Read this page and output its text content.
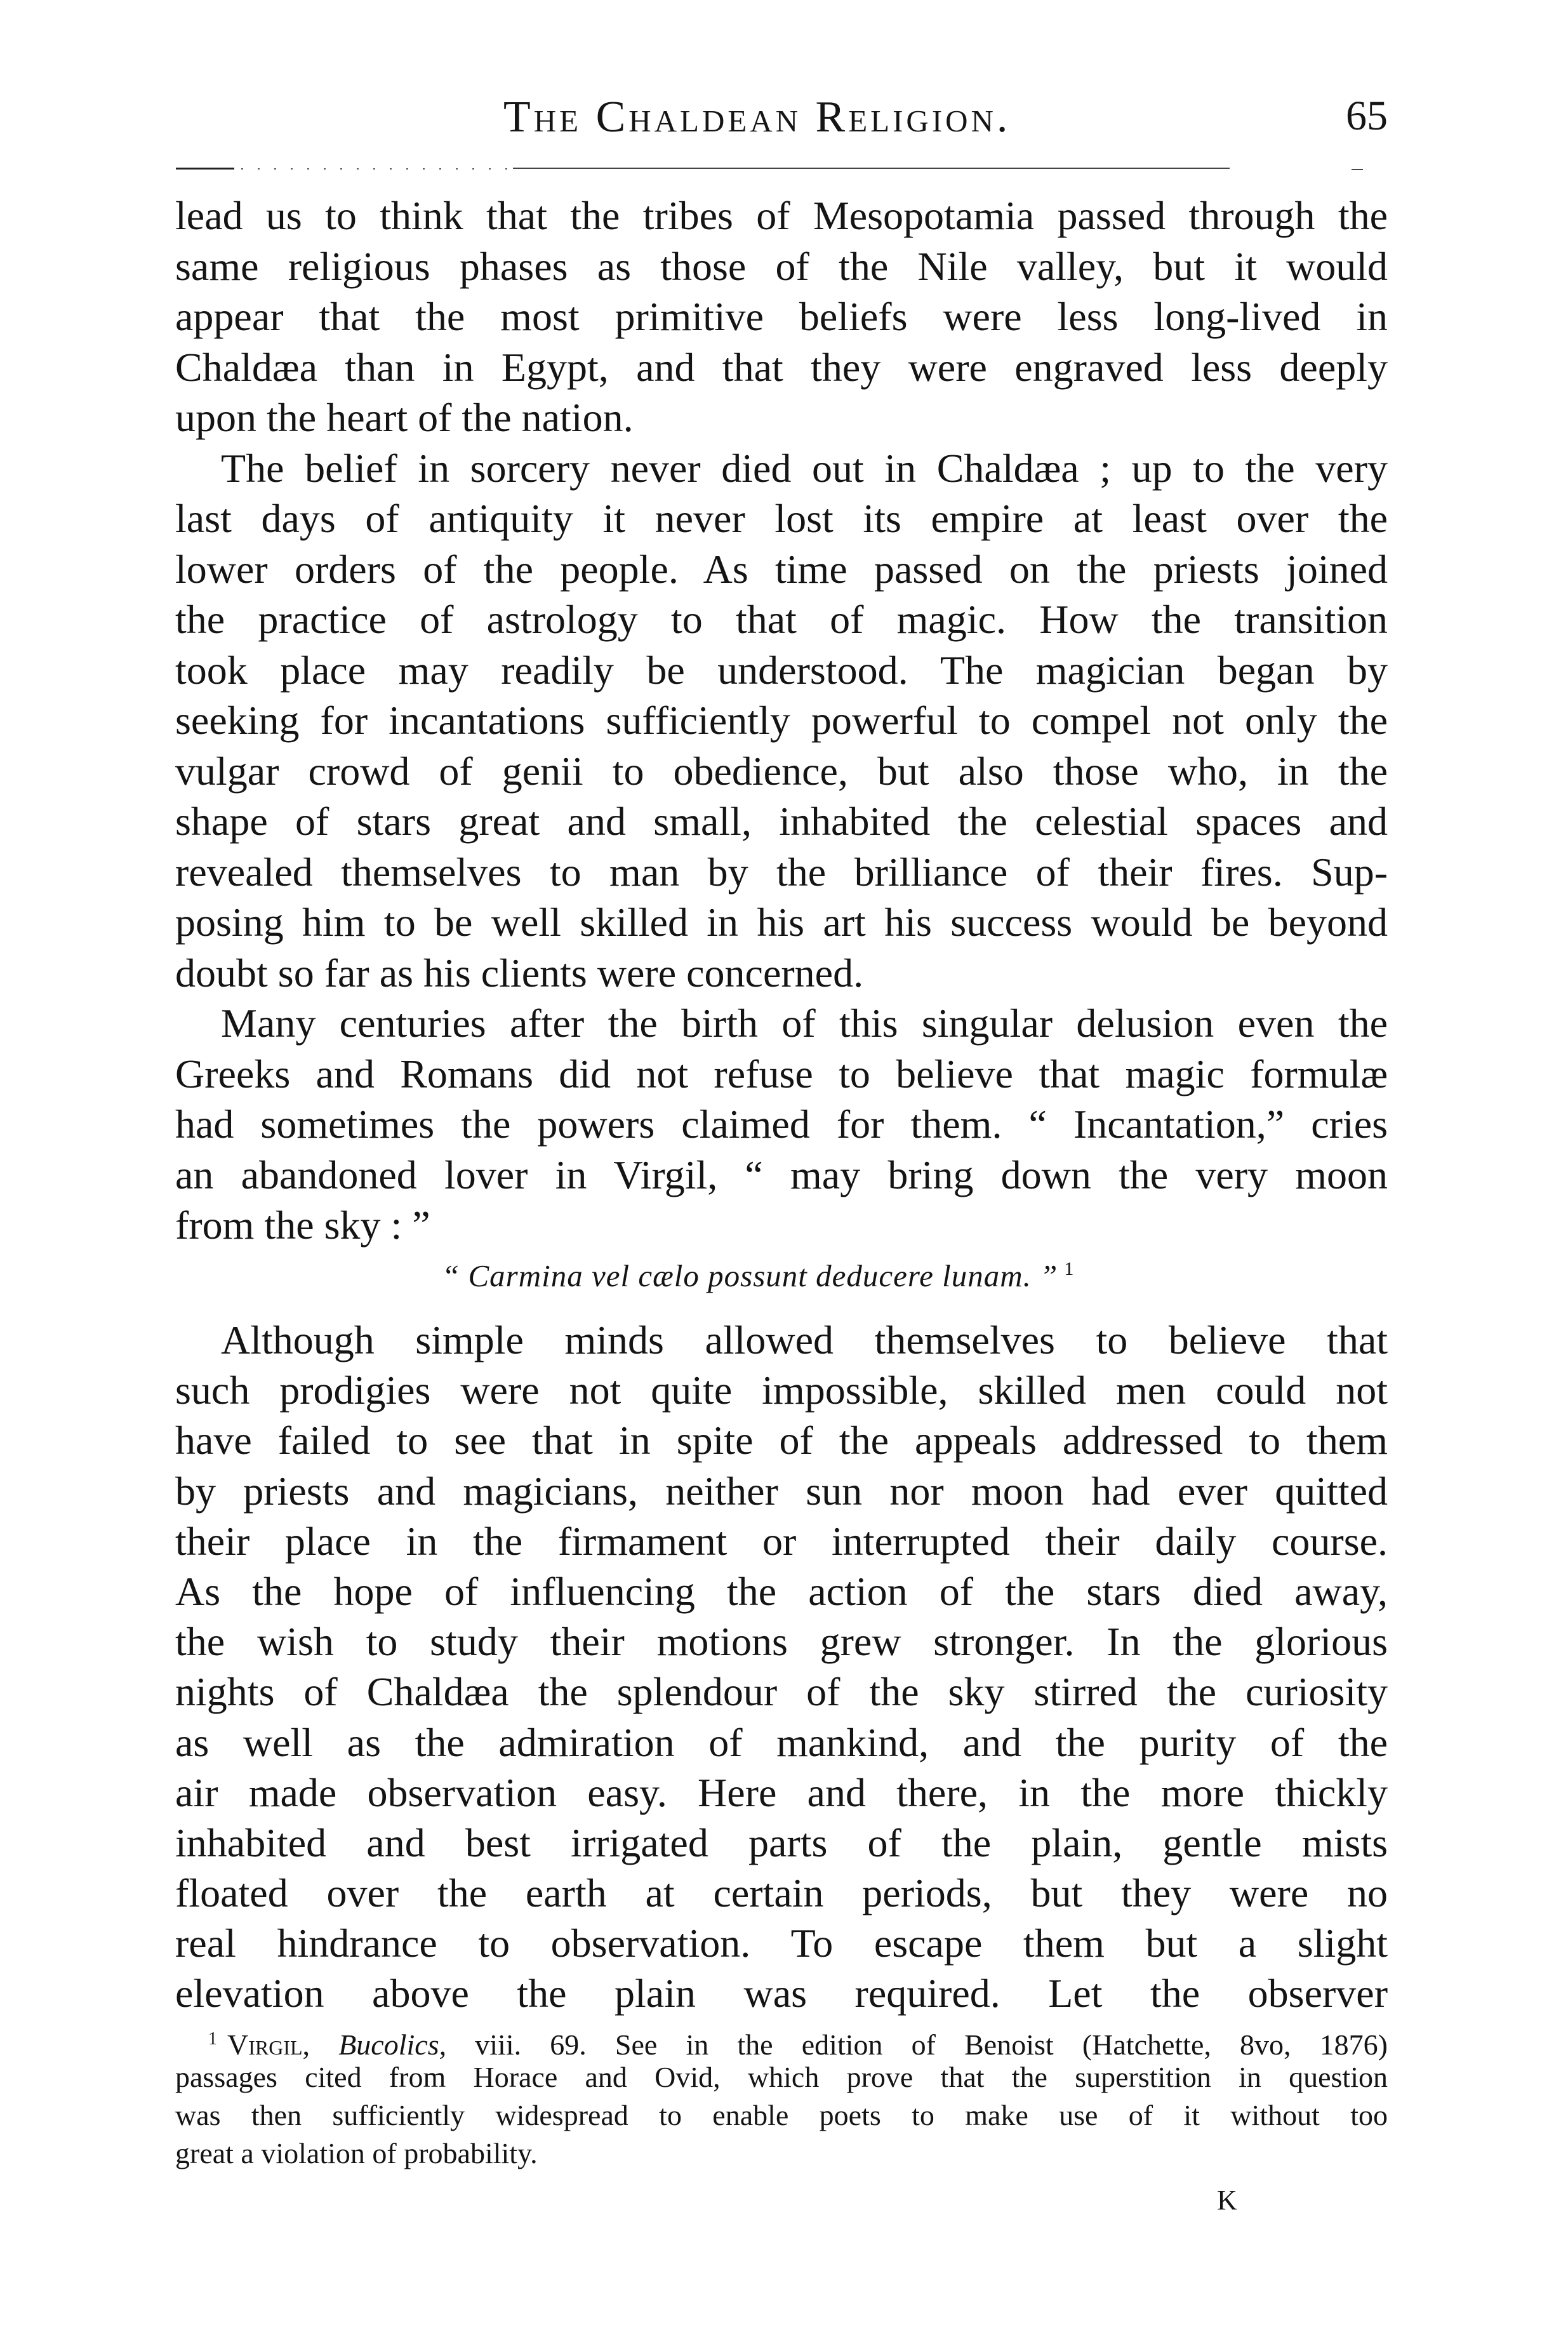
The Chaldean Religion.	65
lead us to think that the tribes of Mesopotamia passed through the
same religious phases as those of the Nile valley, but it would
appear that the most primitive beliefs were less long-lived in
Chaldæa than in Egypt, and that they were engraved less deeply
upon the heart of the nation.
The belief in sorcery never died out in Chaldæa ; up to the very
last days of antiquity it never lost its empire at least over the
lower orders of the people. As time passed on the priests joined
the practice of astrology to that of magic. How the transition
took place may readily be understood. The magician began by
seeking for incantations sufficiently powerful to compel not only the
vulgar crowd of genii to obedience, but also those who, in the
shape of stars great and small, inhabited the celestial spaces and
revealed themselves to man by the brilliance of their fires. Sup-
posing him to be well skilled in his art his success would be beyond
doubt so far as his clients were concerned.
Many centuries after the birth of this singular delusion even the
Greeks and Romans did not refuse to believe that magic formulæ
had sometimes the powers claimed for them. “ Incantation,” cries
an abandoned lover in Virgil, “ may bring down the very moon
from the sky : ”
“ Carmina vel cælo possunt deducere lunam. ” $^1$
Although simple minds allowed themselves to believe that
such prodigies were not quite impossible, skilled men could not
have failed to see that in spite of the appeals addressed to them
by priests and magicians, neither sun nor moon had ever quitted
their place in the firmament or interrupted their daily course.
As the hope of influencing the action of the stars died away,
the wish to study their motions grew stronger. In the glorious
nights of Chaldæa the splendour of the sky stirred the curiosity
as well as the admiration of mankind, and the purity of the
air made observation easy. Here and there, in the more thickly
inhabited and best irrigated parts of the plain, gentle mists
floated over the earth at certain periods, but they were no
real hindrance to observation. To escape them but a slight
elevation above the plain was required. Let the observer
$^1$ Virgil, Bucolics, viii. 69. See in the edition of Benoist (Hatchette, 8vo, 1876)
passages cited from Horace and Ovid, which prove that the superstition in question
was then sufficiently widespread to enable poets to make use of it without too
great a violation of probability.
K
